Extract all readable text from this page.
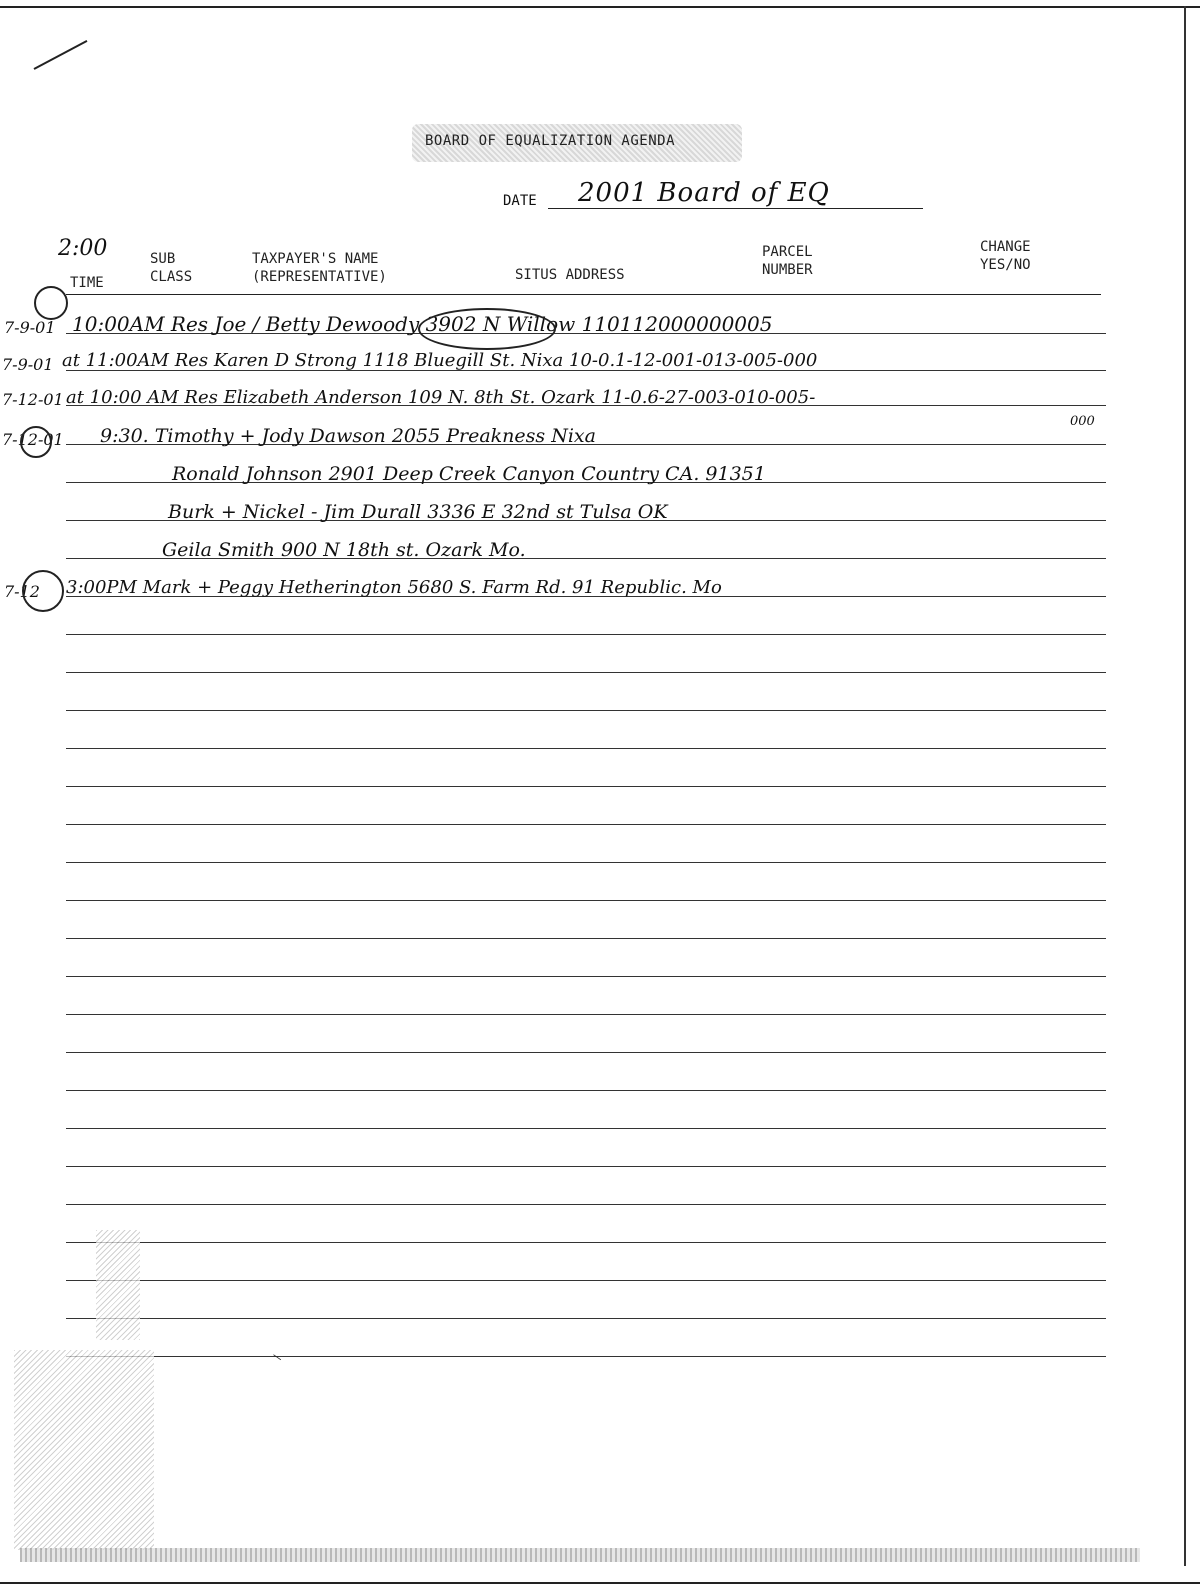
BOARD OF EQUALIZATION AGENDA
DATE 2001 Board of EQ
2:00
TIME
SUB CLASS
TAXPAYER'S NAME (REPRESENTATIVE)	SITUS ADDRESS
PARCEL NUMBER
CHANGE YES/NO
7-9-01 10:00AM Res Joe / Betty Dewoody 3902 N Willow 110112000000005
7-9-01 at 11:00AM Res Karen D Strong 1118 Bluegill St. Nixa 10-0.1-12-001-013-005-000
7-12-01 at 10:00 AM Res Elizabeth Anderson 109 N. 8th St. Ozark 11-0.6-27-003-010-005-
000
7-12-01 9:30. Timothy + Jody Dawson 2055 Preakness Nixa
Ronald Johnson 2901 Deep Creek Canyon Country CA. 91351
Burk + Nickel - Jim Durall 3336 E 32nd st Tulsa OK
Geila Smith 900 N 18th st. Ozark Mo.
7-12 3:00PM Mark + Peggy Hetherington 5680 S. Farm Rd. 91 Republic. Mo
—
